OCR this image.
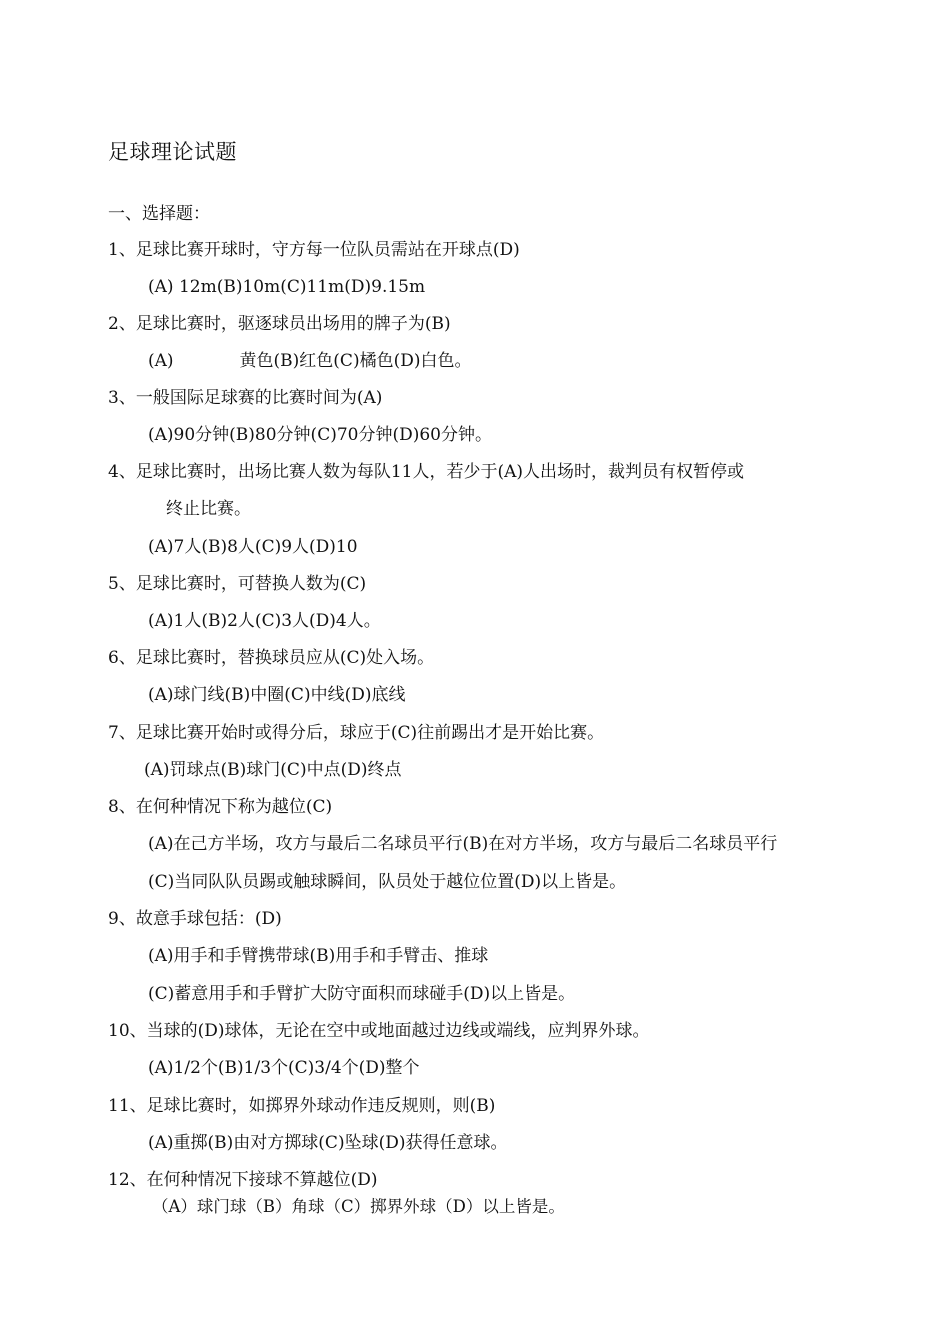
足球理论试题
一、选择题：
1、足球比赛开球时，守方每一位队员需站在开球点(D)
(A) 12m(B)10m(C)11m(D)9.15m
2、足球比赛时，驱逐球员出场用的牌子为(B)
(A)	黄色(B)红色(C)橘色(D)白色。
3、一般国际足球赛的比赛时间为(A)
(A)90分钟(B)80分钟(C)70分钟(D)60分钟。
4、足球比赛时，出场比赛人数为每队11人，若少于(A)人出场时，裁判员有权暂停或
终止比赛。
(A)7人(B)8人(C)9人(D)10
5、足球比赛时，可替换人数为(C)
(A)1人(B)2人(C)3人(D)4人。
6、足球比赛时，替换球员应从(C)处入场。
(A)球门线(B)中圈(C)中线(D)底线
7、足球比赛开始时或得分后，球应于(C)往前踢出才是开始比赛。
(A)罚球点(B)球门(C)中点(D)终点
8、在何种情况下称为越位(C)
(A)在己方半场，攻方与最后二名球员平行(B)在对方半场，攻方与最后二名球员平行
(C)当同队队员踢或触球瞬间，队员处于越位位置(D)以上皆是。
9、故意手球包括：(D)
(A)用手和手臂携带球(B)用手和手臂击、推球
(C)蓄意用手和手臂扩大防守面积而球碰手(D)以上皆是。
10、当球的(D)球体，无论在空中或地面越过边线或端线，应判界外球。
(A)1/2个(B)1/3个(C)3/4个(D)整个
11、足球比赛时，如掷界外球动作违反规则，则(B)
(A)重掷(B)由对方掷球(C)坠球(D)获得任意球。
12、在何种情况下接球不算越位(D)
（A）球门球（B）角球（C）掷界外球（D）以上皆是。
